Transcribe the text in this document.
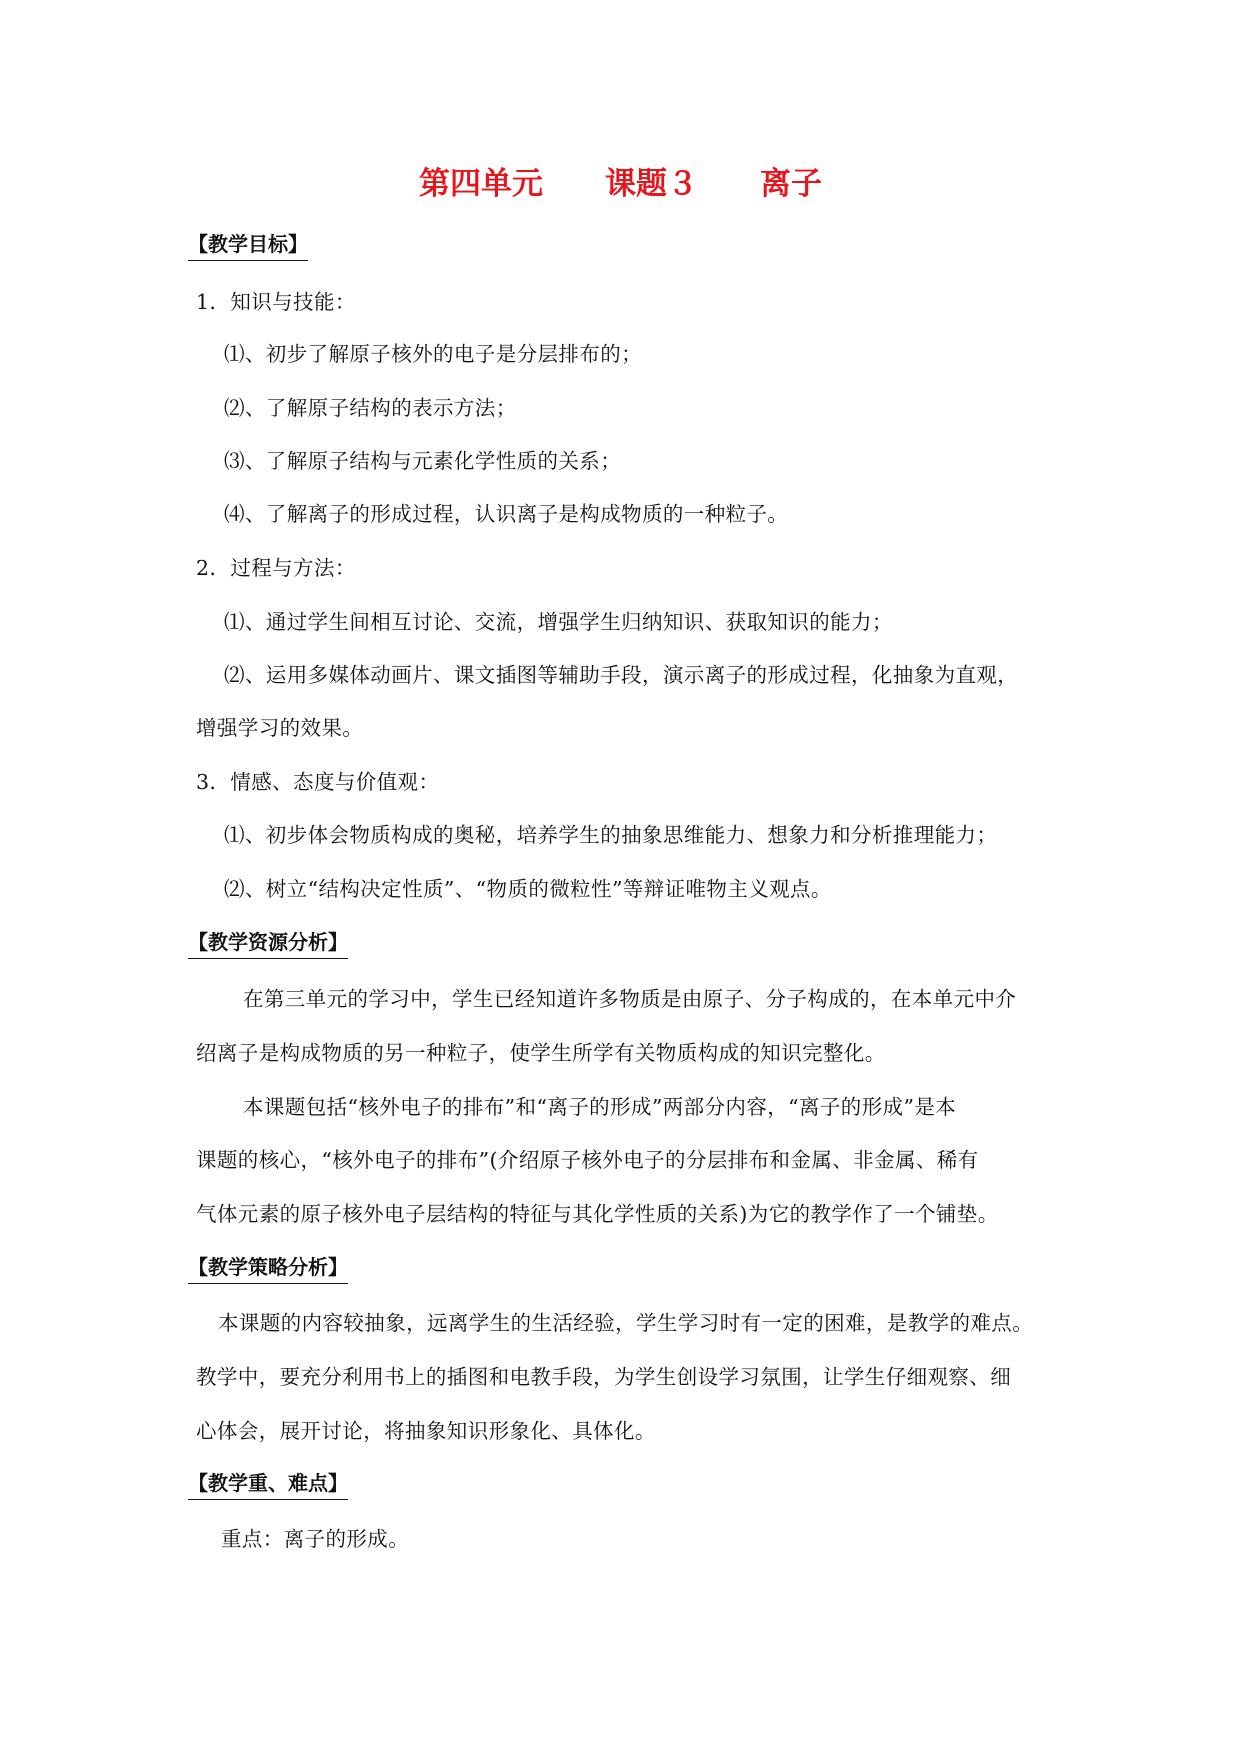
第四单元　　课题３　　离子
【教学目标】
1．知识与技能：
⑴、初步了解原子核外的电子是分层排布的；
⑵、了解原子结构的表示方法；
⑶、了解原子结构与元素化学性质的关系；
⑷、了解离子的形成过程，认识离子是构成物质的一种粒子。
2．过程与方法：
⑴、通过学生间相互讨论、交流，增强学生归纳知识、获取知识的能力；
⑵、运用多媒体动画片、课文插图等辅助手段，演示离子的形成过程，化抽象为直观，
增强学习的效果。
3．情感、态度与价值观：
⑴、初步体会物质构成的奥秘，培养学生的抽象思维能力、想象力和分析推理能力；
⑵、树立“结构决定性质”、“物质的微粒性”等辩证唯物主义观点。
【教学资源分析】
在第三单元的学习中，学生已经知道许多物质是由原子、分子构成的，在本单元中介
绍离子是构成物质的另一种粒子，使学生所学有关物质构成的知识完整化。
本课题包括“核外电子的排布”和“离子的形成”两部分内容，“离子的形成”是本
课题的核心，“核外电子的排布”(介绍原子核外电子的分层排布和金属、非金属、稀有
气体元素的原子核外电子层结构的特征与其化学性质的关系)为它的教学作了一个铺垫。
【教学策略分析】
本课题的内容较抽象，远离学生的生活经验，学生学习时有一定的困难，是教学的难点。
教学中，要充分利用书上的插图和电教手段，为学生创设学习氛围，让学生仔细观察、细
心体会，展开讨论，将抽象知识形象化、具体化。
【教学重、难点】
重点：离子的形成。
